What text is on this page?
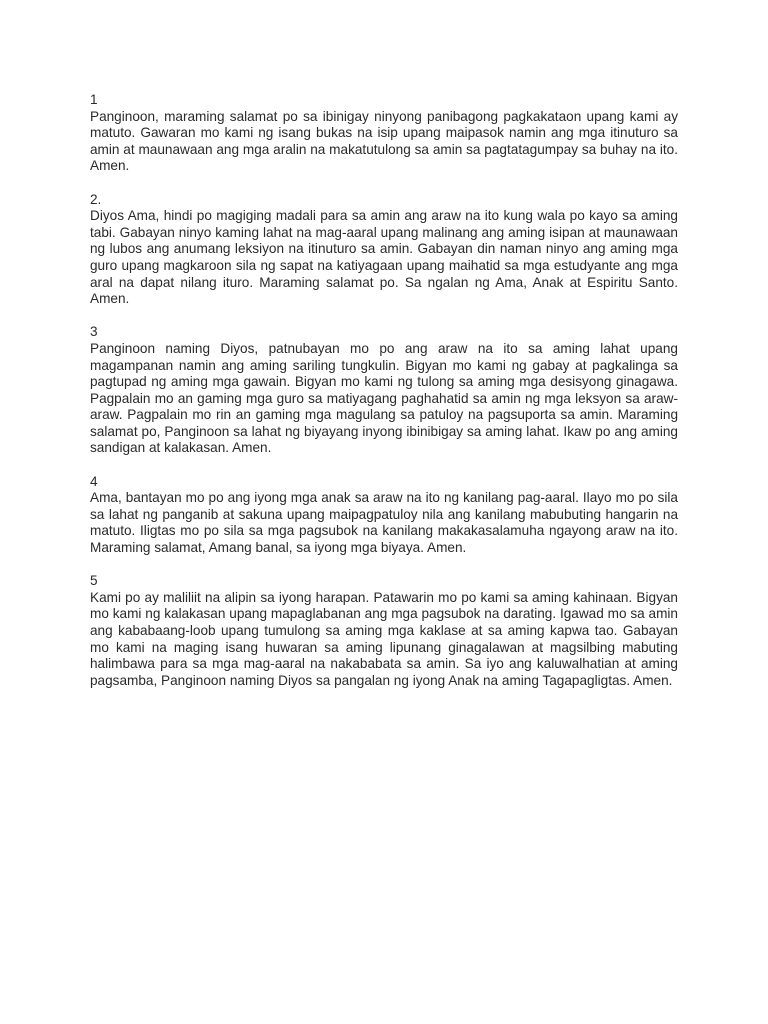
1
Panginoon, maraming salamat po sa ibinigay ninyong panibagong pagkakataon upang kami ay matuto. Gawaran mo kami ng isang bukas na isip upang maipasok namin ang mga itinuturo sa amin at maunawaan ang mga aralin na makatutulong sa amin sa pagtatagumpay sa buhay na ito. Amen.
2.
Diyos Ama, hindi po magiging madali para sa amin ang araw na ito kung wala po kayo sa aming tabi. Gabayan ninyo kaming lahat na mag-aaral upang malinang ang aming isipan at maunawaan ng lubos ang anumang leksiyon na itinuturo sa amin. Gabayan din naman ninyo ang aming mga guro upang magkaroon sila ng sapat na katiyagaan upang maihatid sa mga estudyante ang mga aral na dapat nilang ituro. Maraming salamat po. Sa ngalan ng Ama, Anak at Espiritu Santo. Amen.
3
Panginoon naming Diyos, patnubayan mo po ang araw na ito sa aming lahat upang magampanan namin ang aming sariling tungkulin. Bigyan mo kami ng gabay at pagkalinga sa pagtupad ng aming mga gawain. Bigyan mo kami ng tulong sa aming mga desisyong ginagawa. Pagpalain mo an gaming mga guro sa matiyagang paghahatid sa amin ng mga leksyon sa araw-araw. Pagpalain mo rin an gaming mga magulang sa patuloy na pagsuporta sa amin. Maraming salamat po, Panginoon sa lahat ng biyayang inyong ibinibigay sa aming lahat. Ikaw po ang aming sandigan at kalakasan. Amen.
4
Ama, bantayan mo po ang iyong mga anak sa araw na ito ng kanilang pag-aaral. Ilayo mo po sila sa lahat ng panganib at sakuna upang maipagpatuloy nila ang kanilang mabubuting hangarin na matuto. Iligtas mo po sila sa mga pagsubok na kanilang makakasalamuha ngayong araw na ito. Maraming salamat, Amang banal, sa iyong mga biyaya. Amen.
5
Kami po ay maliliit na alipin sa iyong harapan. Patawarin mo po kami sa aming kahinaan. Bigyan mo kami ng kalakasan upang mapaglabanan ang mga pagsubok na darating. Igawad mo sa amin ang kababaang-loob upang tumulong sa aming mga kaklase at sa aming kapwa tao. Gabayan mo kami na maging isang huwaran sa aming lipunang ginagalawan at magsilbing mabuting halimbawa para sa mga mag-aaral na nakababata sa amin. Sa iyo ang kaluwalhatian at aming pagsamba, Panginoon naming Diyos sa pangalan ng iyong Anak na aming Tagapagligtas. Amen.
